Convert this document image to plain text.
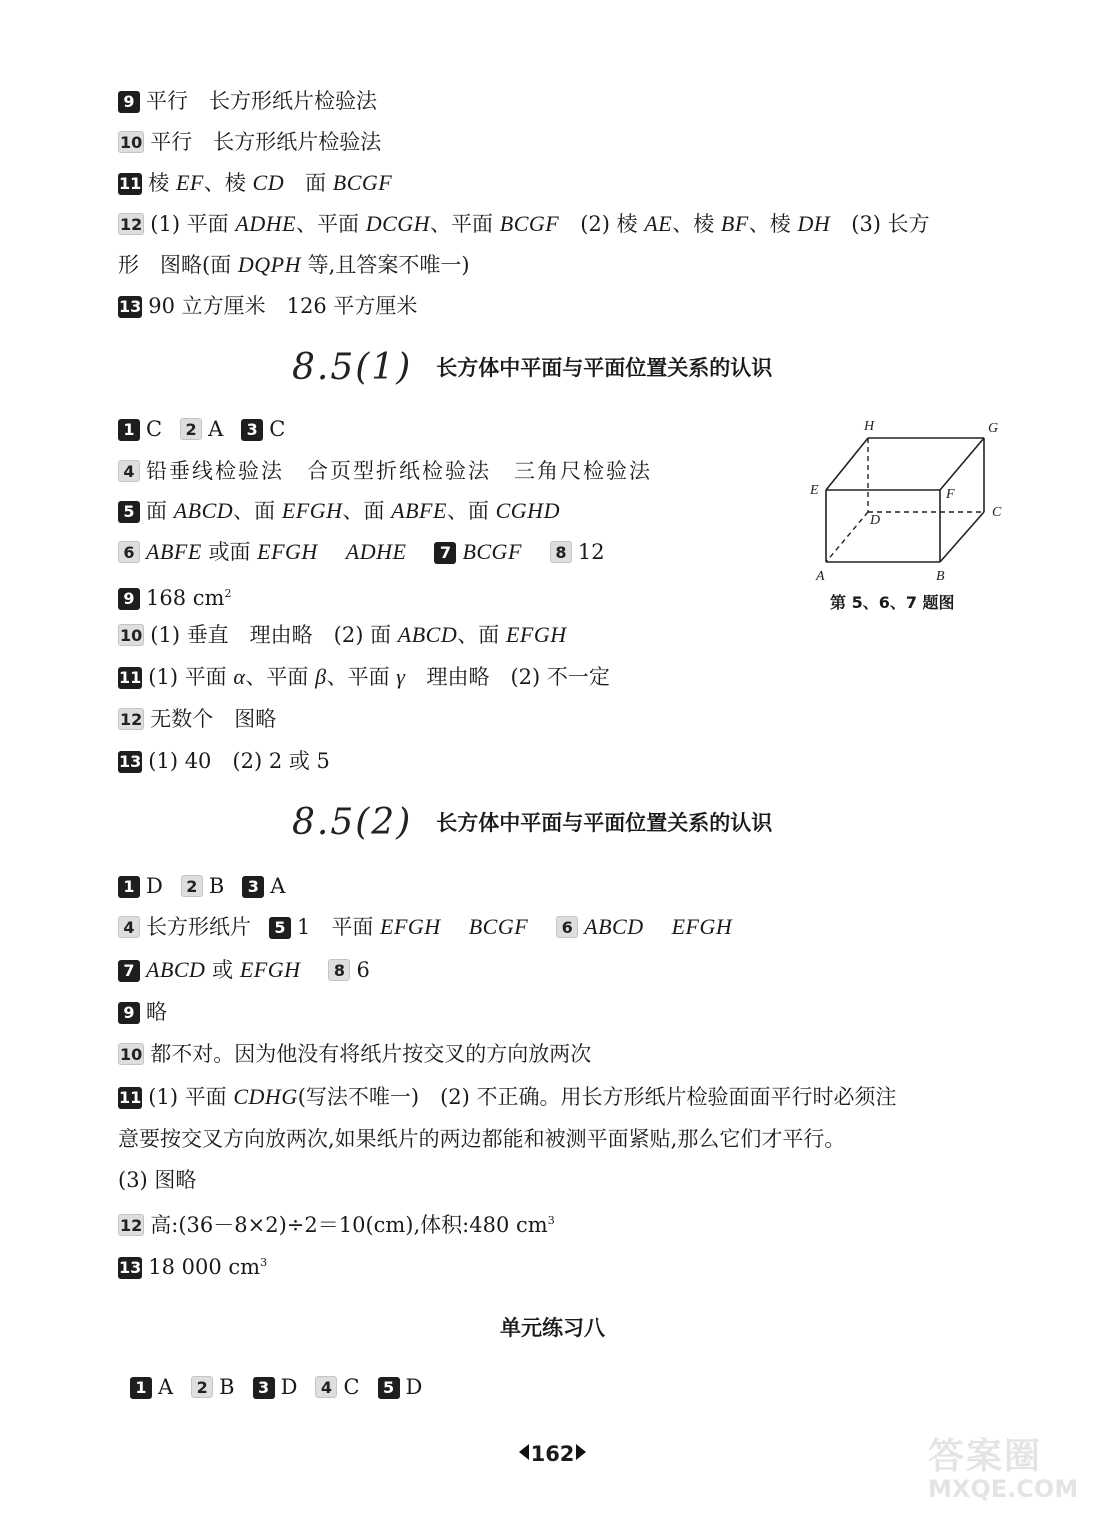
9 平行　长方形纸片检验法
10 平行　长方形纸片检验法
11 棱 EF、棱 CD　面 BCGF
12 (1) 平面 ADHE、平面 DCGH、平面 BCGF　(2) 棱 AE、棱 BF、棱 DH　(3) 长方
形　图略(面 DQPH 等,且答案不唯一)
13 90 立方厘米　126 平方厘米
8.5(1) 长方体中平面与平面位置关系的认识
1 C 2 A 3 C
4 铅垂线检验法　合页型折纸检验法　三角尺检验法
5 面 ABCD、面 EFGH、面 ABFE、面 CGHD
6 ABFE 或面 EFGH ADHE 7 BCGF 8 12
9 168 $cm^2$
10 (1) 垂直　理由略　(2) 面 ABCD、面 EFGH
11 (1) 平面 α、平面 β、平面 γ　理由略　(2) 不一定
12 无数个　图略
13 (1) 40　(2) 2 或 5
H	G
E	F
D
C
A	B
第 5、6、7 题图
8.5(2) 长方体中平面与平面位置关系的认识
1 D 2 B 3 A
4 长方形纸片 5 1　平面 EFGH BCGF 6 ABCD EFGH
7 ABCD 或 EFGH 8 6
9 略
10 都不对。因为他没有将纸片按交叉的方向放两次
11 (1) 平面 CDHG(写法不唯一)　(2) 不正确。用长方形纸片检验面面平行时必须注
意要按交叉方向放两次,如果纸片的两边都能和被测平面紧贴,那么它们才平行。
(3) 图略
12 高:(36－8×2)÷2＝10(cm),体积:480 $cm^3$
13 18 000 $cm^3$
单元练习八
1 A 2 B 3 D 4 C 5 D
162	答案圈
MXQE.COM
